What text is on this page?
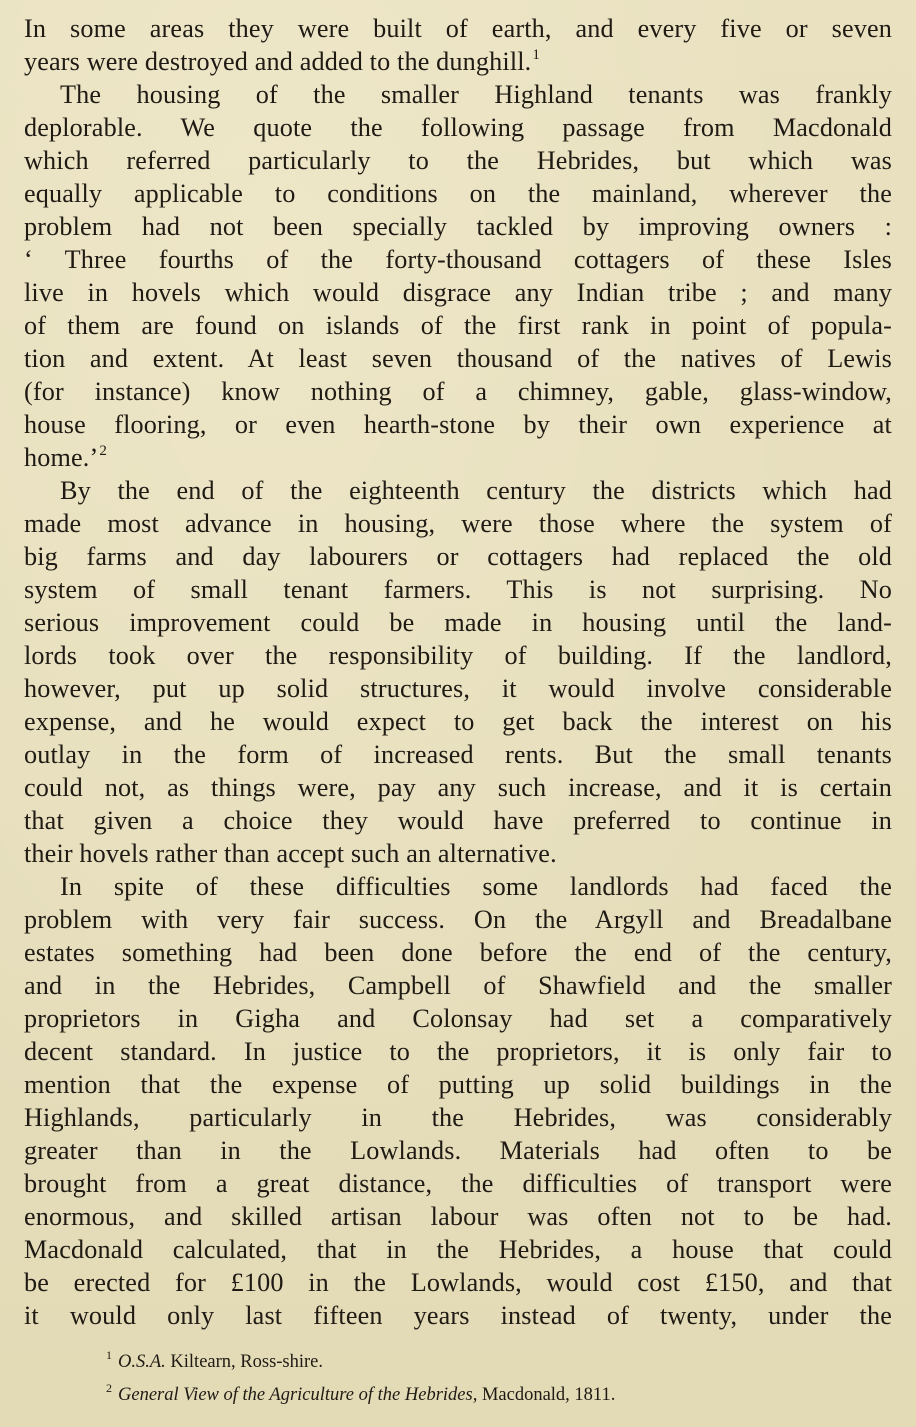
In some areas they were built of earth, and every five or seven
years were destroyed and added to the dunghill.$^1$
The housing of the smaller Highland tenants was frankly
deplorable. We quote the following passage from Macdonald
which referred particularly to the Hebrides, but which was
equally applicable to conditions on the mainland, wherever the
problem had not been specially tackled by improving owners :
‘ Three fourths of the forty-thousand cottagers of these Isles
live in hovels which would disgrace any Indian tribe ; and many
of them are found on islands of the first rank in point of popula-
tion and extent. At least seven thousand of the natives of Lewis
(for instance) know nothing of a chimney, gable, glass-window,
house flooring, or even hearth-stone by their own experience at
home.’$^2$
By the end of the eighteenth century the districts which had
made most advance in housing, were those where the system of
big farms and day labourers or cottagers had replaced the old
system of small tenant farmers. This is not surprising. No
serious improvement could be made in housing until the land-
lords took over the responsibility of building. If the landlord,
however, put up solid structures, it would involve considerable
expense, and he would expect to get back the interest on his
outlay in the form of increased rents. But the small tenants
could not, as things were, pay any such increase, and it is certain
that given a choice they would have preferred to continue in
their hovels rather than accept such an alternative.
In spite of these difficulties some landlords had faced the
problem with very fair success. On the Argyll and Breadalbane
estates something had been done before the end of the century,
and in the Hebrides, Campbell of Shawfield and the smaller
proprietors in Gigha and Colonsay had set a comparatively
decent standard. In justice to the proprietors, it is only fair to
mention that the expense of putting up solid buildings in the
Highlands, particularly in the Hebrides, was considerably
greater than in the Lowlands. Materials had often to be
brought from a great distance, the difficulties of transport were
enormous, and skilled artisan labour was often not to be had.
Macdonald calculated, that in the Hebrides, a house that could
be erected for £100 in the Lowlands, would cost £150, and that
it would only last fifteen years instead of twenty, under the
$^1$ O.S.A. Kiltearn, Ross-shire.
$^2$ General View of the Agriculture of the Hebrides, Macdonald, 1811.
